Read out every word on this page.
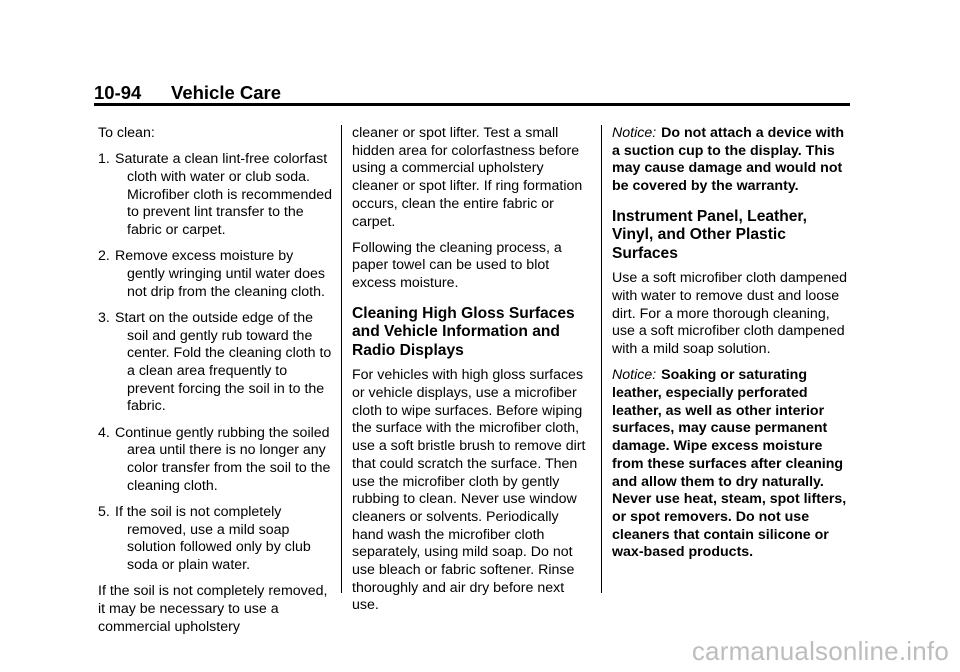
10-94 Vehicle Care

To clean:

1. Saturate a clean lint-free colorfast cloth with water or club soda. Microfiber cloth is recommended to prevent lint transfer to the fabric or carpet.
2. Remove excess moisture by gently wringing until water does not drip from the cleaning cloth.
3. Start on the outside edge of the soil and gently rub toward the center. Fold the cleaning cloth to a clean area frequently to prevent forcing the soil in to the fabric.
4. Continue gently rubbing the soiled area until there is no longer any color transfer from the soil to the cleaning cloth.
5. If the soil is not completely removed, use a mild soap solution followed only by club soda or plain water.

If the soil is not completely removed, it may be necessary to use a commercial upholstery

cleaner or spot lifter. Test a small hidden area for colorfastness before using a commercial upholstery cleaner or spot lifter. If ring formation occurs, clean the entire fabric or carpet.

Following the cleaning process, a paper towel can be used to blot excess moisture.

Cleaning High Gloss Surfaces and Vehicle Information and Radio Displays

For vehicles with high gloss surfaces or vehicle displays, use a microfiber cloth to wipe surfaces. Before wiping the surface with the microfiber cloth, use a soft bristle brush to remove dirt that could scratch the surface. Then use the microfiber cloth by gently rubbing to clean. Never use window cleaners or solvents. Periodically hand wash the microfiber cloth separately, using mild soap. Do not use bleach or fabric softener. Rinse thoroughly and air dry before next use.

Notice: Do not attach a device with a suction cup to the display. This may cause damage and would not be covered by the warranty.

Instrument Panel, Leather, Vinyl, and Other Plastic Surfaces

Use a soft microfiber cloth dampened with water to remove dust and loose dirt. For a more thorough cleaning, use a soft microfiber cloth dampened with a mild soap solution.

Notice: Soaking or saturating leather, especially perforated leather, as well as other interior surfaces, may cause permanent damage. Wipe excess moisture from these surfaces after cleaning and allow them to dry naturally. Never use heat, steam, spot lifters, or spot removers. Do not use cleaners that contain silicone or wax-based products.

carmanualsonline.info
